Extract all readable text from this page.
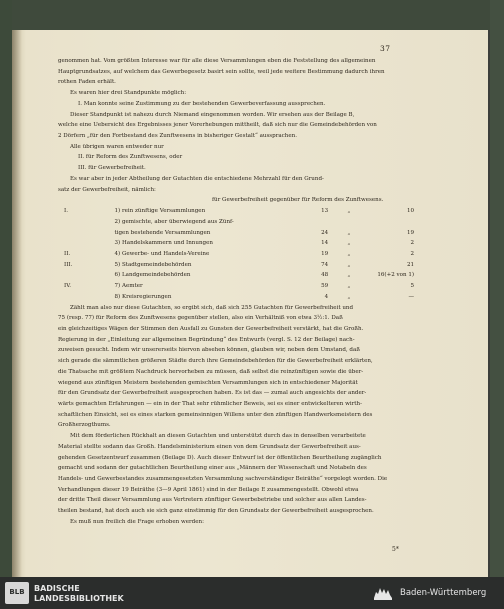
37
genommen hat. Vom größten Interesse war für alle diese Versammlungen eben die Feststellung des allgemeinen
Hauptgrundsatzes, auf welchem das Gewerbegesetz basirt sein sollte, weil jede weitere Bestimmung dadurch ihren
rothen Faden erhält.
Es waren hier drei Standpunkte möglich:
I. Man konnte seine Zustimmung zu der bestehenden Gewerbeverfassung aussprechen.
Dieser Standpunkt ist nahezu durch Niemand eingenommen worden. Wir ersehen aus der Beilage B,
welche eine Uebersicht des Ergebnisses jener Vorerhebungen mittheilt, daß sich nur die Gemeindebehörden von
2 Dörfern „für den Fortbestand des Zunftwesens in bisheriger Gestalt“ aussprachen.
Alle übrigen waren entweder nur
II. für Reform des Zunftwesens, oder
III. für Gewerbefreiheit.
Es war aber in jeder Abtheilung der Gutachten die entschiedene Mehrzahl für den Grund-
satz der Gewerbefreiheit, nämlich:
für Gewerbefreiheit gegenüber für Reform des Zunftwesens.
I.	1) rein zünftige Versammlungen	13	„	10
2) gemischte, aber überwiegend aus Zünf-
tigen bestehende Versammlungen	24	„	19
3) Handelskammern und Innungen	14	„	2
II.	4) Gewerbe- und Handels-Vereine	19	„	2
III.	5) Stadtgemeindebehörden	74	„	21
6) Landgemeindebehörden	48	„	16(+2 von 1)
IV.	7) Aemter	59	„	5
8) Kreisregierungen	4	„	—
Zählt man also nur diese Gutachten, so ergibt sich, daß sich 255 Gutachten für Gewerbefreiheit und
75 (resp. 77) für Reform des Zunftwesens gegenüber stellen, also ein Verhältniß von etwa 3½:1. Daß
ein gleichzeitiges Wägen der Stimmen den Ausfall zu Gunsten der Gewerbefreiheit verstärkt, hat die Großh.
Regierung in der „Einleitung zur allgemeinen Begründung“ des Entwurfs (vergl. S. 12 der Beilage) nach-
zuweisen gesucht. Indem wir unsererseits hiervon absehen können, glauben wir, neben dem Umstand, daß
sich gerade die sämmtlichen größeren Städte durch ihre Gemeindebehörden für die Gewerbefreiheit erklärten,
die Thatsache mit größtem Nachdruck hervorheben zu müssen, daß selbst die reinzünftigen sowie die über-
wiegend aus zünftigen Meistern bestehenden gemischten Versammlungen sich in entschiedener Majorität
für den Grundsatz der Gewerbefreiheit ausgesprochen haben. Es ist das — zumal auch angesichts der ander-
wärts gemachten Erfahrungen — ein in der That sehr rühmlicher Beweis, sei es einer entwickelteren wirth-
schaftlichen Einsicht, sei es eines starken gemeinsinnigen Willens unter den zünftigen Handwerksmeistern des
Großherzogthums.
Mit dem förderlichen Rückhalt an diesen Gutachten und unterstützt durch das in denselben verarbeitete
Material stellte sodann das Großh. Handelsministerium einen von dem Grundsatz der Gewerbefreiheit aus-
gehenden Gesetzentwurf zusammen (Beilage D). Auch dieser Entwurf ist der öffentlichen Beurtheilung zugänglich
gemacht und sodann der gutachtlichen Beurtheilung einer aus „Männern der Wissenschaft und Notabeln des
Handels- und Gewerbestandes zusammengesetzten Versammlung sachverständiger Beiräthe“ vorgelegt worden. Die
Verhandlungen dieser 19 Beiräthe (3—9 April 1861) sind in der Beilage E zusammengestellt. Obwohl etwa
der dritte Theil dieser Versammlung aus Vertretern zünftiger Gewerbebetriebe und solcher aus allen Landes-
theilen bestand, hat doch auch sie sich ganz einstimmig für den Grundsatz der Gewerbefreiheit ausgesprochen.
Es muß nun freilich die Frage erhoben werden:
5*
BLB	BADISCHE
LANDESBIBLIOTHEK
Baden-Württemberg
